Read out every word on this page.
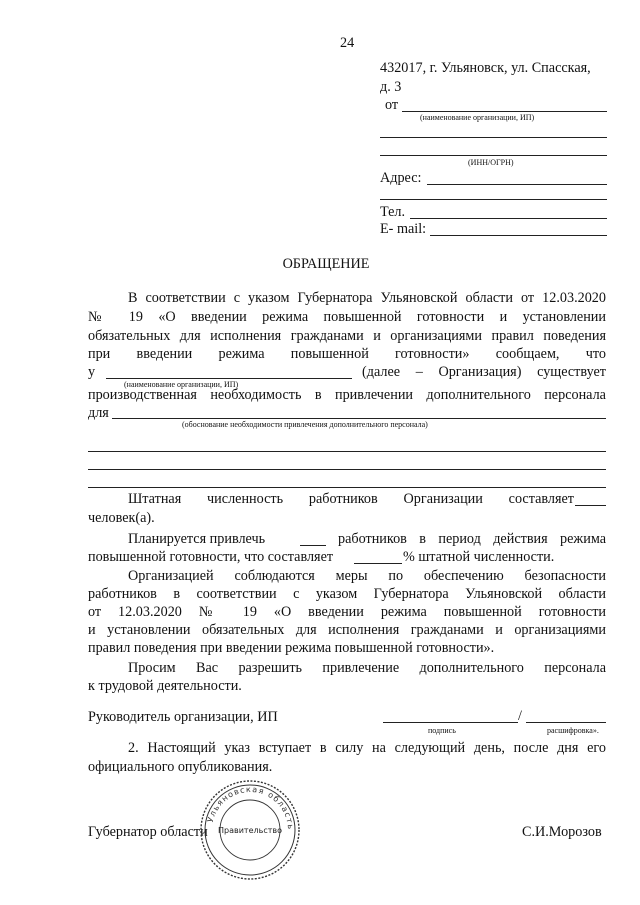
24
432017, г. Ульяновск, ул. Спасская,
д. 3
от
(наименование организации, ИП)
(ИНН/ОГРН)
Адрес:
Тел.
E- mail:
ОБРАЩЕНИЕ
В соответствии с указом Губернатора Ульяновской области от 12.03.2020
№ 19 «О введении режима повышенной готовности и установлении
обязательных для исполнения гражданами и организациями правил поведения
при введении режима повышенной готовности» сообщаем, что
у	(далее – Организация) существует
(наименование организации, ИП)
производственная необходимость в привлечении дополнительного персонала
для
(обоснование необходимости привлечения дополнительного персонала)
Штатная численность работников Организации составляет
человек(а).
Планируется привлечь	работников в период действия режима
повышенной готовности, что составляет	% штатной численности.
Организацией соблюдаются меры по обеспечению безопасности
работников в соответствии с указом Губернатора Ульяновской области
от 12.03.2020 № 19 «О введении режима повышенной готовности
и установлении обязательных для исполнения гражданами и организациями
правил поведения при введении режима повышенной готовности».
Просим Вас разрешить привлечение дополнительного персонала
к трудовой деятельности.
Руководитель организации, ИП	/
подпись	расшифровка».
2. Настоящий указ вступает в силу на следующий день, после дня его
официального опубликования.
Губернатор области	С.И.Морозов
Ульяновская область
Правительство
